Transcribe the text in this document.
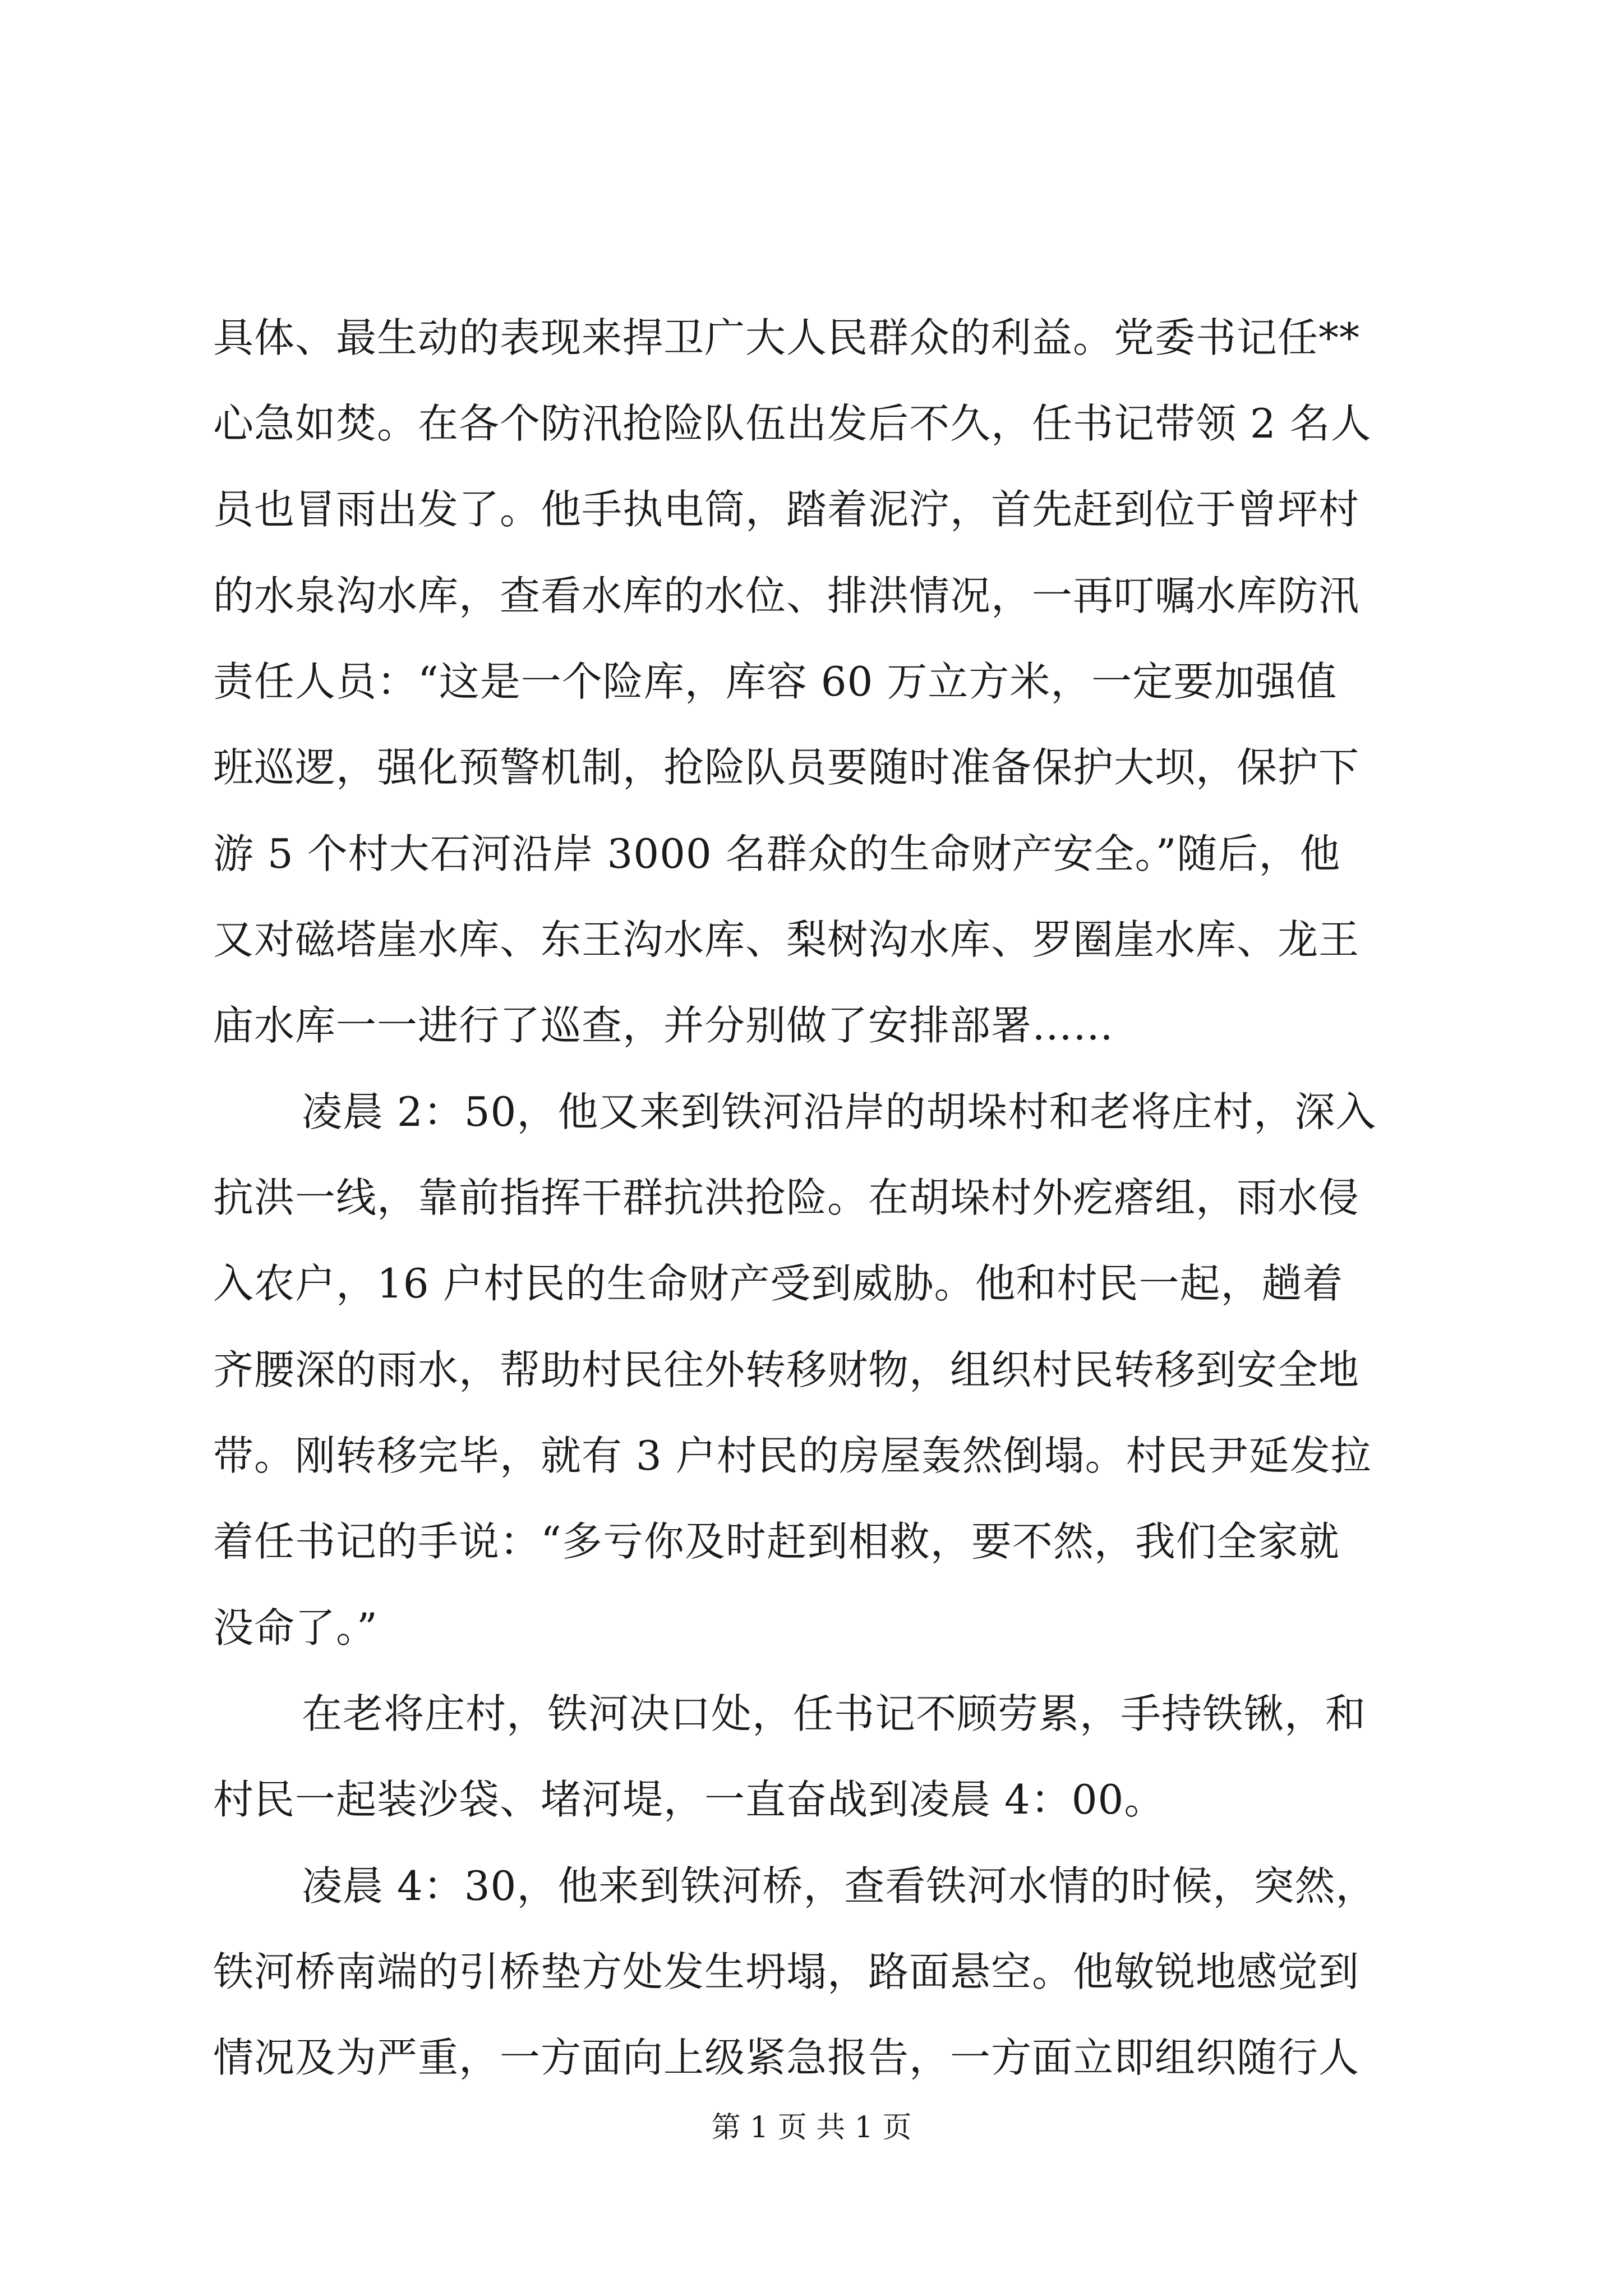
具体、最生动的表现来捍卫广大人民群众的利益。党委书记任**
心急如焚。在各个防汛抢险队伍出发后不久，任书记带领 2 名人
员也冒雨出发了。他手执电筒，踏着泥泞，首先赶到位于曾坪村
的水泉沟水库，查看水库的水位、排洪情况，一再叮嘱水库防汛
责任人员：“这是一个险库，库容 60 万立方米，一定要加强值
班巡逻，强化预警机制，抢险队员要随时准备保护大坝，保护下
游 5 个村大石河沿岸 3000 名群众的生命财产安全。”随后，他
又对磁塔崖水库、东王沟水库、梨树沟水库、罗圈崖水库、龙王
庙水库一一进行了巡查，并分别做了安排部署……
凌晨 2：50，他又来到铁河沿岸的胡垛村和老将庄村，深入
抗洪一线，靠前指挥干群抗洪抢险。在胡垛村外疙瘩组，雨水侵
入农户，16 户村民的生命财产受到威胁。他和村民一起，趟着
齐腰深的雨水，帮助村民往外转移财物，组织村民转移到安全地
带。刚转移完毕，就有 3 户村民的房屋轰然倒塌。村民尹延发拉
着任书记的手说：“多亏你及时赶到相救，要不然，我们全家就
没命了。”
在老将庄村，铁河决口处，任书记不顾劳累，手持铁锹，和
村民一起装沙袋、堵河堤，一直奋战到凌晨 4：00。
凌晨 4：30，他来到铁河桥，查看铁河水情的时候，突然，
铁河桥南端的引桥垫方处发生坍塌，路面悬空。他敏锐地感觉到
情况及为严重，一方面向上级紧急报告，一方面立即组织随行人
第 1 页 共 1 页
